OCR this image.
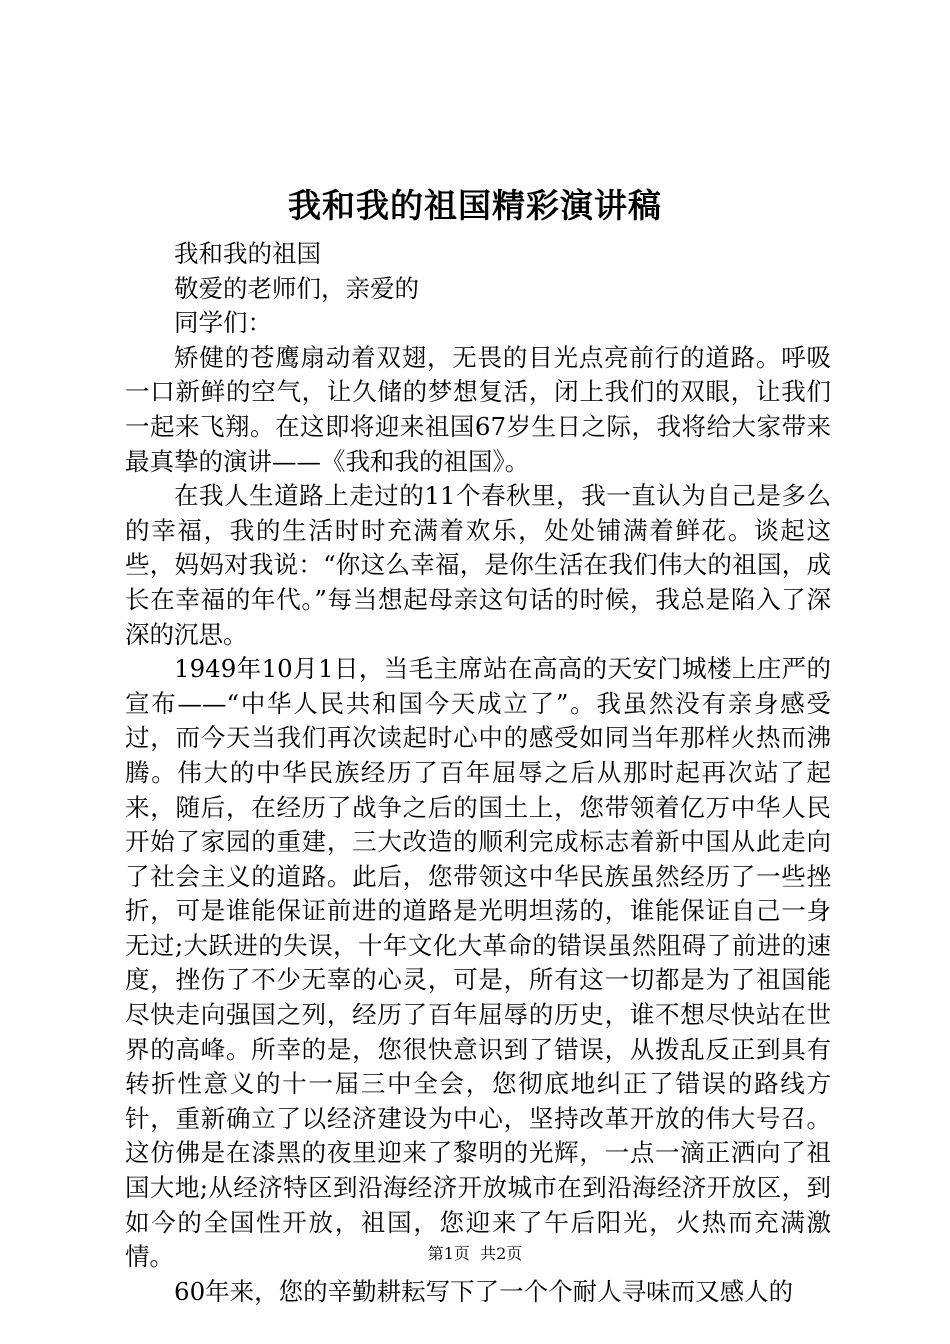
我和我的祖国精彩演讲稿

我和我的祖国

敬爱的老师们，亲爱的

同学们：

矫健的苍鹰扇动着双翅，无畏的目光点亮前行的道路。呼吸一口新鲜的空气，让久储的梦想复活，闭上我们的双眼，让我们一起来飞翔。在这即将迎来祖国67岁生日之际，我将给大家带来最真挚的演讲——《我和我的祖国》。

在我人生道路上走过的11个春秋里，我一直认为自己是多么的幸福，我的生活时时充满着欢乐，处处铺满着鲜花。谈起这些，妈妈对我说：“你这么幸福，是你生活在我们伟大的祖国，成长在幸福的年代。”每当想起母亲这句话的时候，我总是陷入了深深的沉思。

1949年10月1日，当毛主席站在高高的天安门城楼上庄严的宣布——“中华人民共和国今天成立了”。我虽然没有亲身感受过，而今天当我们再次读起时心中的感受如同当年那样火热而沸腾。伟大的中华民族经历了百年屈辱之后从那时起再次站了起来，随后，在经历了战争之后的国土上，您带领着亿万中华人民开始了家园的重建，三大改造的顺利完成标志着新中国从此走向了社会主义的道路。此后，您带领这中华民族虽然经历了一些挫折，可是谁能保证前进的道路是光明坦荡的，谁能保证自己一身无过;大跃进的失误，十年文化大革命的错误虽然阻碍了前进的速度，挫伤了不少无辜的心灵，可是，所有这一切都是为了祖国能尽快走向强国之列，经历了百年屈辱的历史，谁不想尽快站在世界的高峰。所幸的是，您很快意识到了错误，从拨乱反正到具有转折性意义的十一届三中全会，您彻底地纠正了错误的路线方针，重新确立了以经济建设为中心，坚持改革开放的伟大号召。这仿佛是在漆黑的夜里迎来了黎明的光辉，一点一滴正洒向了祖国大地;从经济特区到沿海经济开放城市在到沿海经济开放区，到如今的全国性开放，祖国，您迎来了午后阳光，火热而充满激情。

60年来，您的辛勤耕耘写下了一个个耐人寻味而又感人的

第1页 共2页
